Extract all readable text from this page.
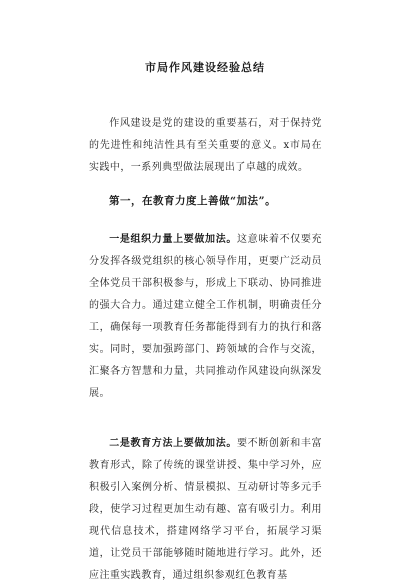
市局作风建设经验总结

作风建设是党的建设的重要基石，对于保持党的先进性和纯洁性具有至关重要的意义。x市局在实践中，一系列典型做法展现出了卓越的成效。

第一，在教育力度上善做“加法”。

一是组织力量上要做加法。这意味着不仅要充分发挥各级党组织的核心领导作用，更要广泛动员全体党员干部积极参与，形成上下联动、协同推进的强大合力。通过建立健全工作机制，明确责任分工，确保每一项教育任务都能得到有力的执行和落实。同时，要加强跨部门、跨领域的合作与交流，汇聚各方智慧和力量，共同推动作风建设向纵深发展。

二是教育方法上要做加法。要不断创新和丰富教育形式，除了传统的课堂讲授、集中学习外，应积极引入案例分析、情景模拟、互动研讨等多元手段，使学习过程更加生动有趣、富有吸引力。利用现代信息技术，搭建网络学习平台，拓展学习渠道，让党员干部能够随时随地进行学习。此外，还应注重实践教育，通过组织参观红色教育基
